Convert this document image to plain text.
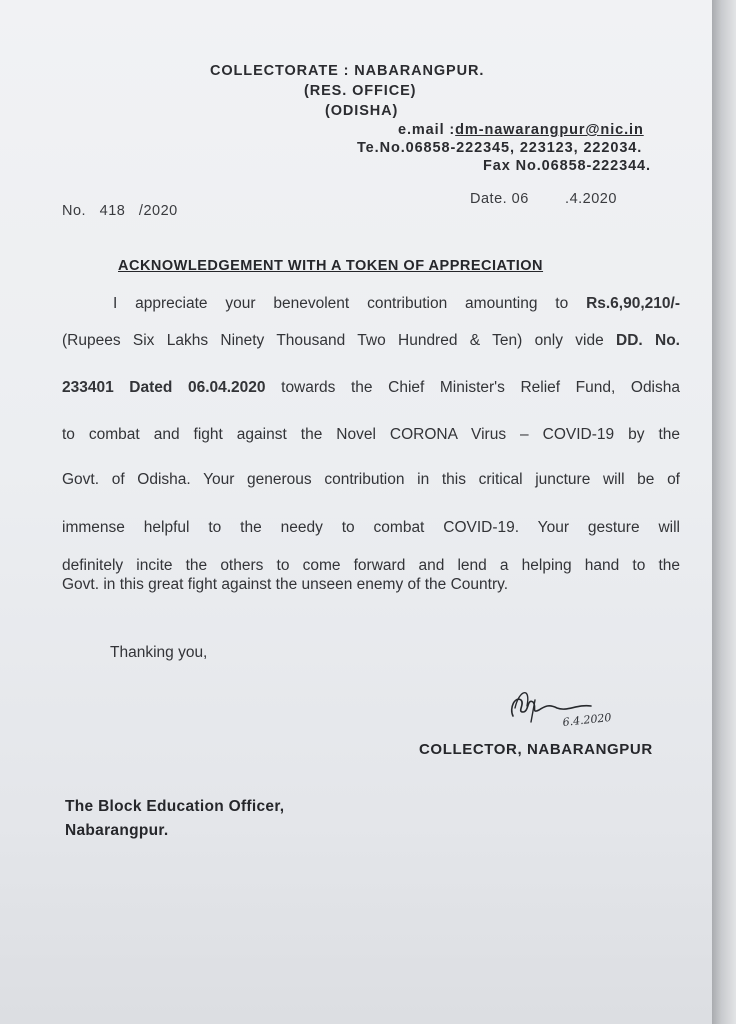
COLLECTORATE : NABARANGPUR.
(RES. OFFICE)
(ODISHA)
e.mail :dm-nawarangpur@nic.in
Te.No.06858-222345, 223123, 222034.
Fax No.06858-222344.
No.   418   /2020
Date. 06        .4.2020
ACKNOWLEDGEMENT WITH A TOKEN OF APPRECIATION
I appreciate your benevolent contribution amounting to Rs.6,90,210/-
(Rupees Six Lakhs Ninety Thousand Two Hundred & Ten) only vide DD. No.
233401 Dated 06.04.2020 towards the Chief Minister's Relief Fund, Odisha
to combat and fight against the Novel CORONA Virus – COVID-19 by the
Govt. of Odisha. Your generous contribution in this critical juncture will be of
immense helpful to the needy to combat COVID-19. Your gesture will
definitely incite the others to come forward and lend a helping hand to the
Govt. in this great fight against the unseen enemy of the Country.
Thanking you,
6.4.2020
COLLECTOR, NABARANGPUR
The Block Education Officer,
Nabarangpur.
